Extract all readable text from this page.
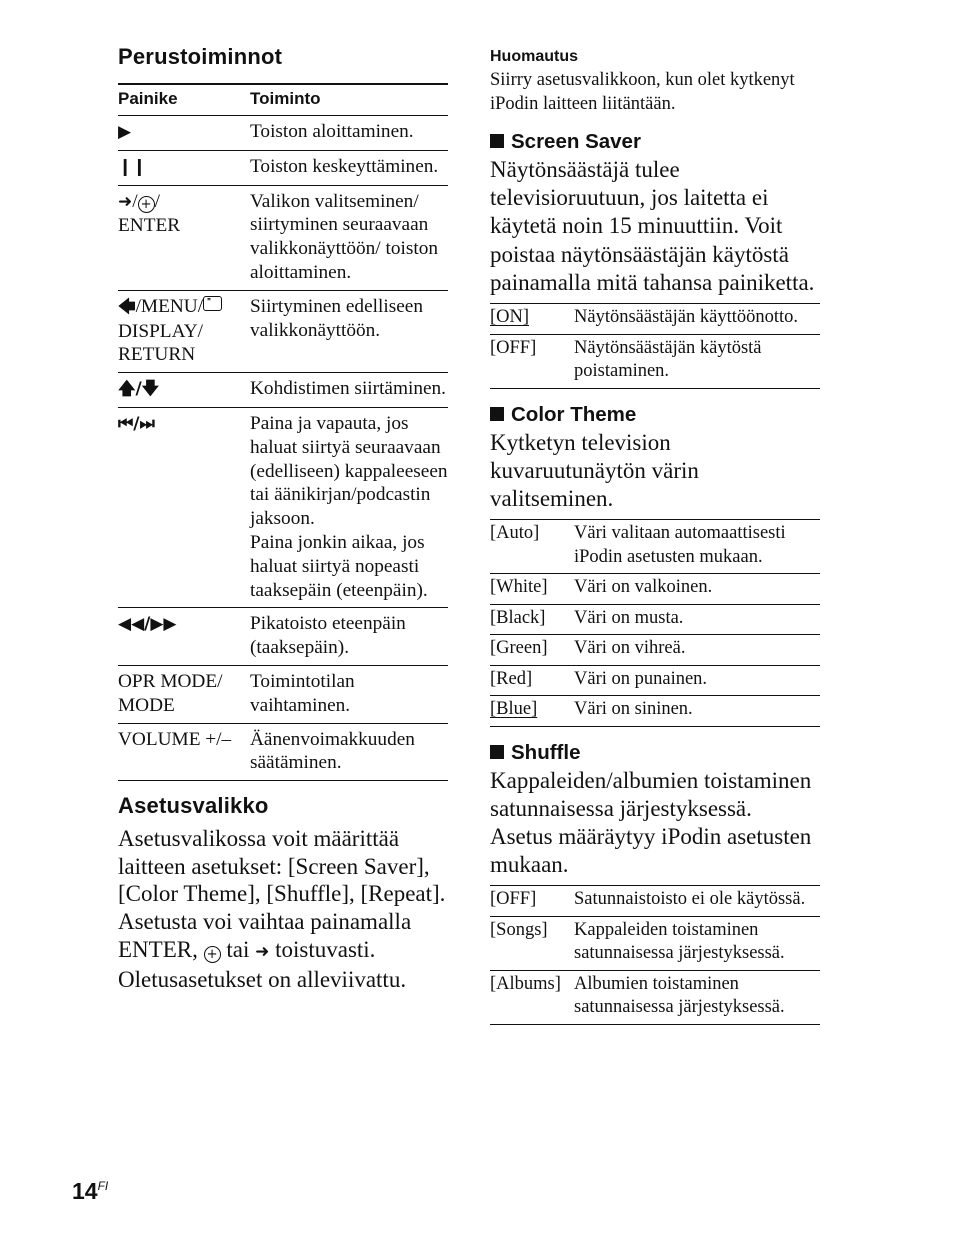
Perustoiminnot
Painike	Toiminto
▶	Toiston aloittaminen.
❙❙	Toiston keskeyttäminen.
➜/ + /
ENTER	Valikon valitseminen/ siirtyminen seuraavaan valikkonäyttöön/ toiston aloittaminen.
🡄/MENU/'''
DISPLAY/ RETURN	Siirtyminen edelliseen valikkonäyttöön.
🡅/🡇	Kohdistimen siirtäminen.
⏮/⏭	Paina ja vapauta, jos haluat siirtyä seuraavaan (edelliseen) kappaleeseen tai äänikirjan/podcastin jaksoon.
Paina jonkin aikaa, jos haluat siirtyä nopeasti taaksepäin (eteenpäin).
◀◀/▶▶	Pikatoisto eteenpäin (taaksepäin).
OPR MODE/ MODE	Toimintotilan vaihtaminen.
VOLUME +/–	Äänenvoimakkuuden säätäminen.
Asetusvalikko

Asetusvalikossa voit määrittää laitteen asetukset: [Screen Saver], [Color Theme], [Shuffle], [Repeat]. Asetusta voi vaihtaa painamalla ENTER, + tai ➜ toistuvasti.
Oletusasetukset on alleviivattu.

Huomautus

Siirry asetusvalikkoon, kun olet kytkenyt iPodin laitteen liitäntään.

Screen Saver

Näytönsäästäjä tulee televisioruutuun, jos laitetta ei käytetä noin 15 minuuttiin. Voit poistaa näytönsäästäjän käytöstä painamalla mitä tahansa painiketta.

[ON]	Näytönsäästäjän käyttöönotto.
[OFF]	Näytönsäästäjän käytöstä poistaminen.
Color Theme

Kytketyn television kuvaruutunäytön värin valitseminen.

[Auto]	Väri valitaan automaattisesti iPodin asetusten mukaan.
[White]	Väri on valkoinen.
[Black]	Väri on musta.
[Green]	Väri on vihreä.
[Red]	Väri on punainen.
[Blue]	Väri on sininen.
Shuffle

Kappaleiden/albumien toistaminen satunnaisessa järjestyksessä.
Asetus määräytyy iPodin asetusten mukaan.

[OFF]	Satunnaistoisto ei ole käytössä.
[Songs]	Kappaleiden toistaminen satunnaisessa järjestyksessä.
[Albums]	Albumien toistaminen satunnaisessa järjestyksessä.
$14^{FI}$
